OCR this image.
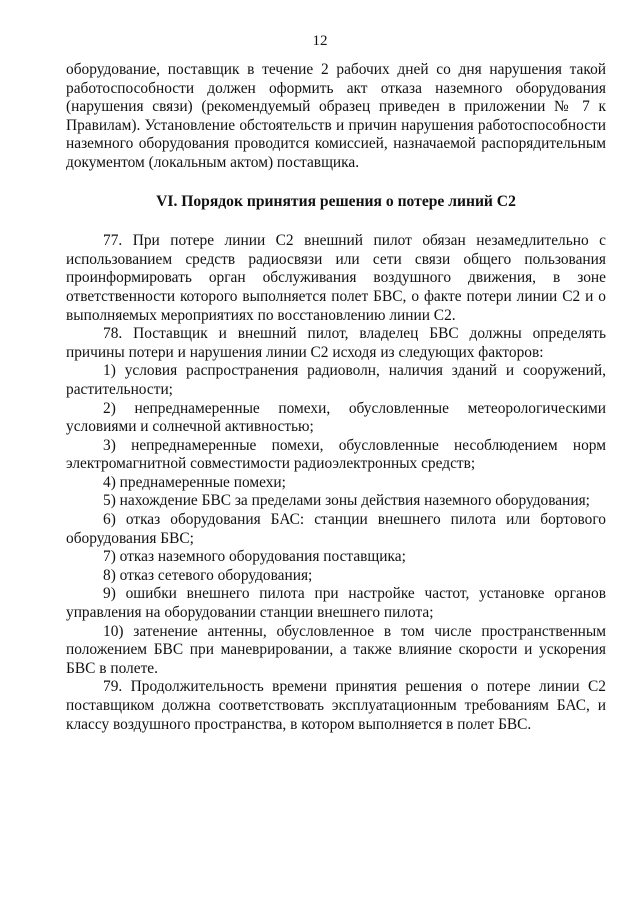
12

оборудование, поставщик в течение 2 рабочих дней со дня нарушения такой работоспособности должен оформить акт отказа наземного оборудования (нарушения связи) (рекомендуемый образец приведен в приложении № 7 к Правилам). Установление обстоятельств и причин нарушения работоспособности наземного оборудования проводится комиссией, назначаемой распорядительным документом (локальным актом) поставщика.

VI. Порядок принятия решения о потере линий С2

77. При потере линии С2 внешний пилот обязан незамедлительно с использованием средств радиосвязи или сети связи общего пользования проинформировать орган обслуживания воздушного движения, в зоне ответственности которого выполняется полет БВС, о факте потери линии С2 и о выполняемых мероприятиях по восстановлению линии С2.

78. Поставщик и внешний пилот, владелец БВС должны определять причины потери и нарушения линии С2 исходя из следующих факторов:

1) условия распространения радиоволн, наличия зданий и сооружений, растительности;

2) непреднамеренные помехи, обусловленные метеорологическими условиями и солнечной активностью;

3) непреднамеренные помехи, обусловленные несоблюдением норм электромагнитной совместимости радиоэлектронных средств;

4) преднамеренные помехи;

5) нахождение БВС за пределами зоны действия наземного оборудования;

6) отказ оборудования БАС: станции внешнего пилота или бортового оборудования БВС;

7) отказ наземного оборудования поставщика;

8) отказ сетевого оборудования;

9) ошибки внешнего пилота при настройке частот, установке органов управления на оборудовании станции внешнего пилота;

10) затенение антенны, обусловленное в том числе пространственным положением БВС при маневрировании, а также влияние скорости и ускорения БВС в полете.

79. Продолжительность времени принятия решения о потере линии С2 поставщиком должна соответствовать эксплуатационным требованиям БАС, и классу воздушного пространства, в котором выполняется в полет БВС.
